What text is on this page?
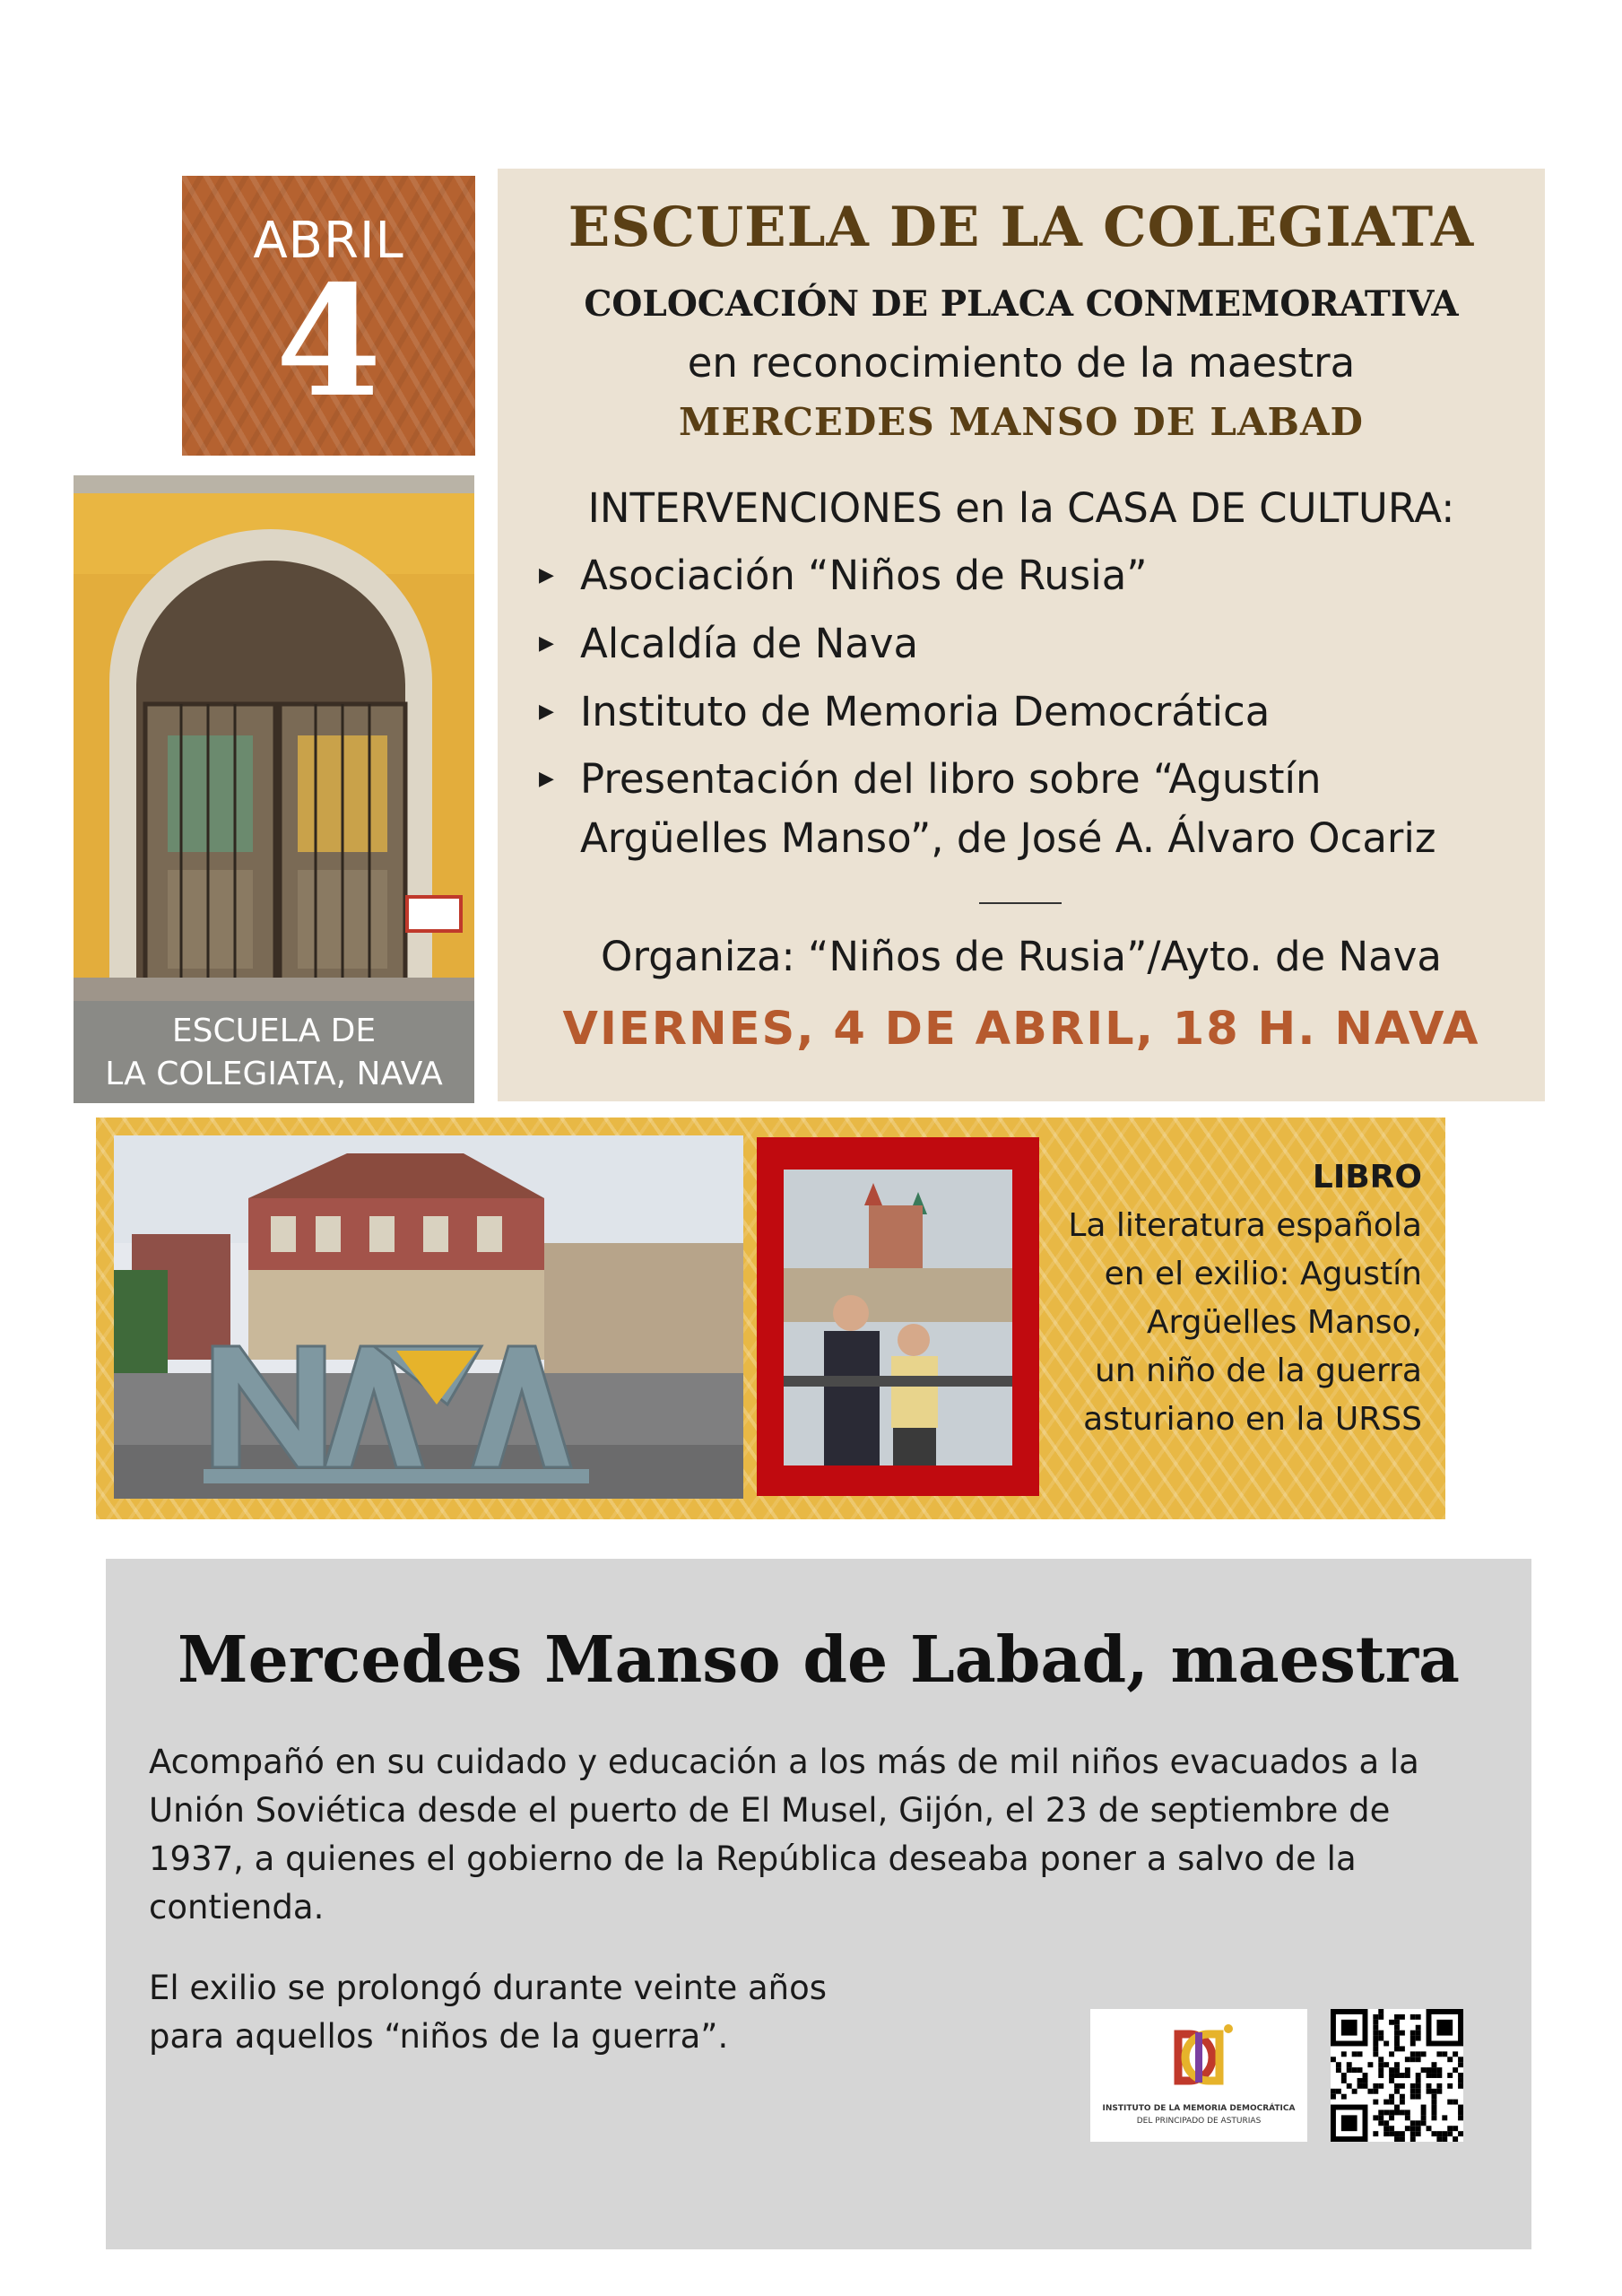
ABRIL
4
ESCUELA DE
LA COLEGIATA, NAVA
ESCUELA DE LA COLEGIATA
COLOCACIÓN DE PLACA CONMEMORATIVA
en reconocimiento de la maestra
MERCEDES MANSO DE LABAD
INTERVENCIONES en la CASA DE CULTURA:
▶ Asociación “Niños de Rusia”
▶ Alcaldía de Nava
▶ Instituto de Memoria Democrática
▶ Presentación del libro sobre “Agustín
Argüelles Manso”, de José A. Álvaro Ocariz
Organiza: “Niños de Rusia”/Ayto. de Nava
VIERNES, 4 DE ABRIL, 18 H. NAVA
LIBRO
La literatura española
en el exilio: Agustín
Argüelles Manso,
un niño de la guerra
asturiano en la URSS
Mercedes Manso de Labad, maestra
Acompañó en su cuidado y educación a los más de mil niños evacuados a la
Unión Soviética desde el puerto de El Musel, Gijón, el 23 de septiembre de
1937, a quienes el gobierno de la República deseaba poner a salvo de la
contienda.
El exilio se prolongó durante veinte años
para aquellos “niños de la guerra”.
INSTITUTO DE LA MEMORIA DEMOCRÁTICA
DEL PRINCIPADO DE ASTURIAS
